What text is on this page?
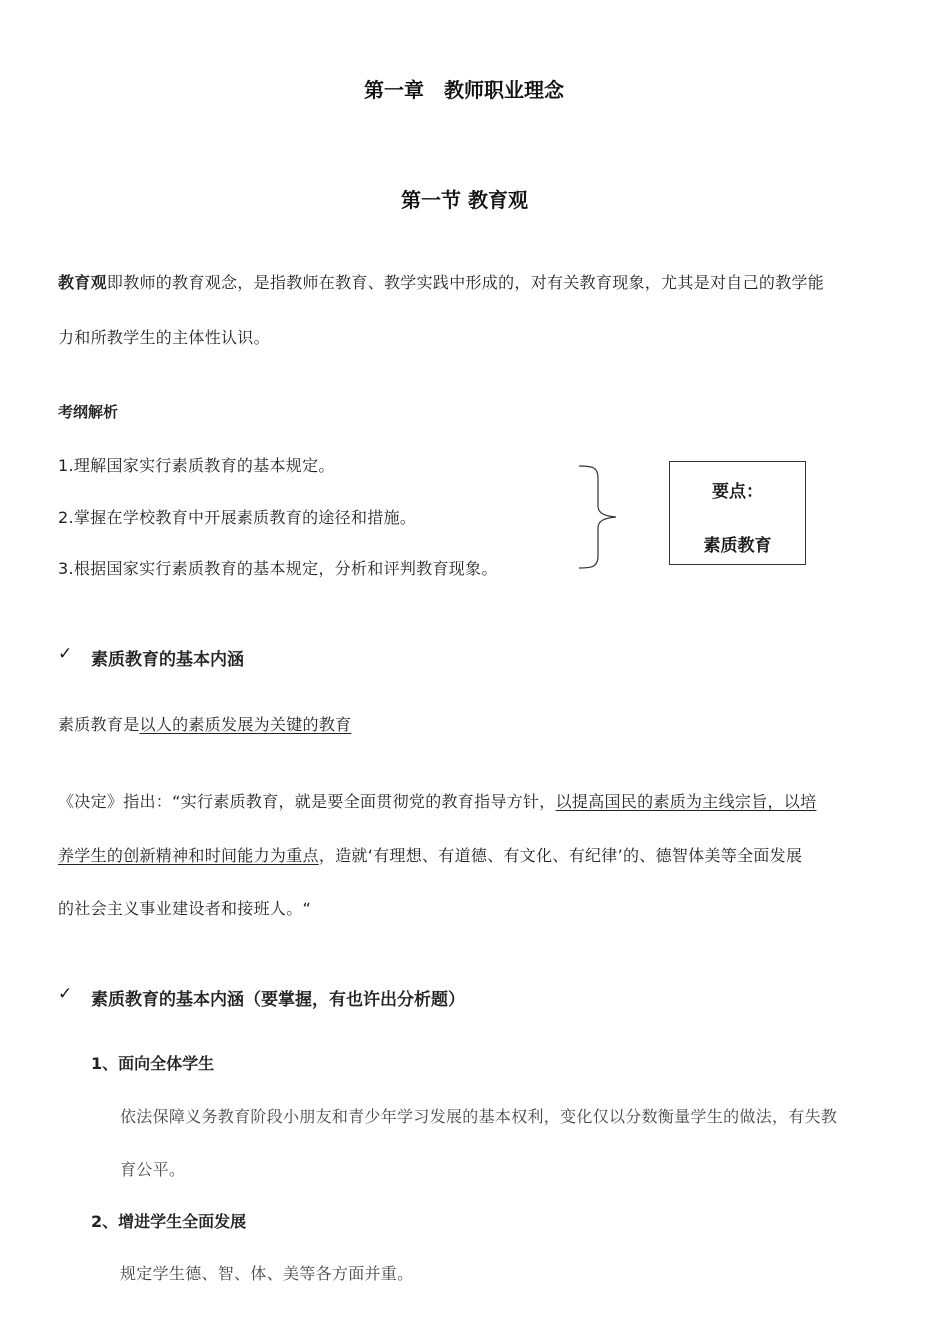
第一章　教师职业理念
第一节 教育观
教育观即教师的教育观念，是指教师在教育、教学实践中形成的，对有关教育现象，尤其是对自己的教学能
力和所教学生的主体性认识。
考纲解析
1.理解国家实行素质教育的基本规定。
2.掌握在学校教育中开展素质教育的途径和措施。
3.根据国家实行素质教育的基本规定，分析和评判教育现象。
要点：
素质教育
✓ 素质教育的基本内涵
素质教育是以人的素质发展为关键的教育
《决定》指出：“实行素质教育，就是要全面贯彻党的教育指导方针，以提高国民的素质为主线宗旨，以培
养学生的创新精神和时间能力为重点，造就‘有理想、有道德、有文化、有纪律’的、德智体美等全面发展
的社会主义事业建设者和接班人。“
✓ 素质教育的基本内涵（要掌握，有也许出分析题）
1、面向全体学生
依法保障义务教育阶段小朋友和青少年学习发展的基本权利，变化仅以分数衡量学生的做法，有失教
育公平。
2、增进学生全面发展
规定学生德、智、体、美等各方面并重。
